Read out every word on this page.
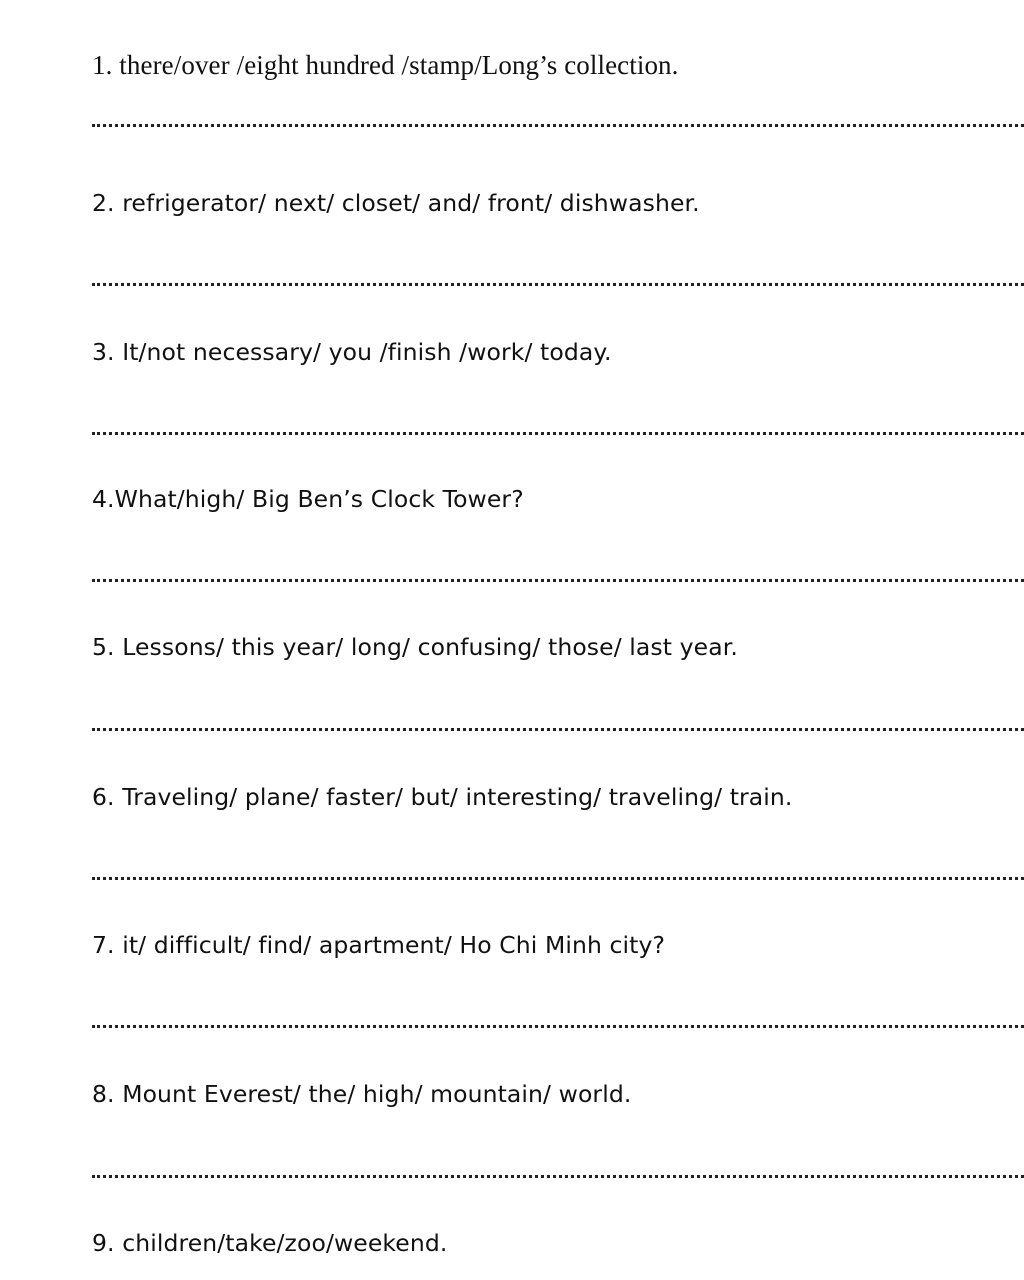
1. there/over /eight hundred /stamp/Long’s collection.
2. refrigerator/ next/ closet/ and/ front/ dishwasher.
3. It/not necessary/ you /finish /work/ today.
4.What/high/ Big Ben’s Clock Tower?
5. Lessons/ this year/ long/ confusing/ those/ last year.
6. Traveling/ plane/ faster/ but/ interesting/ traveling/ train.
7. it/ difficult/ find/ apartment/ Ho Chi Minh city?
8. Mount Everest/ the/ high/ mountain/ world.
9. children/take/zoo/weekend.
